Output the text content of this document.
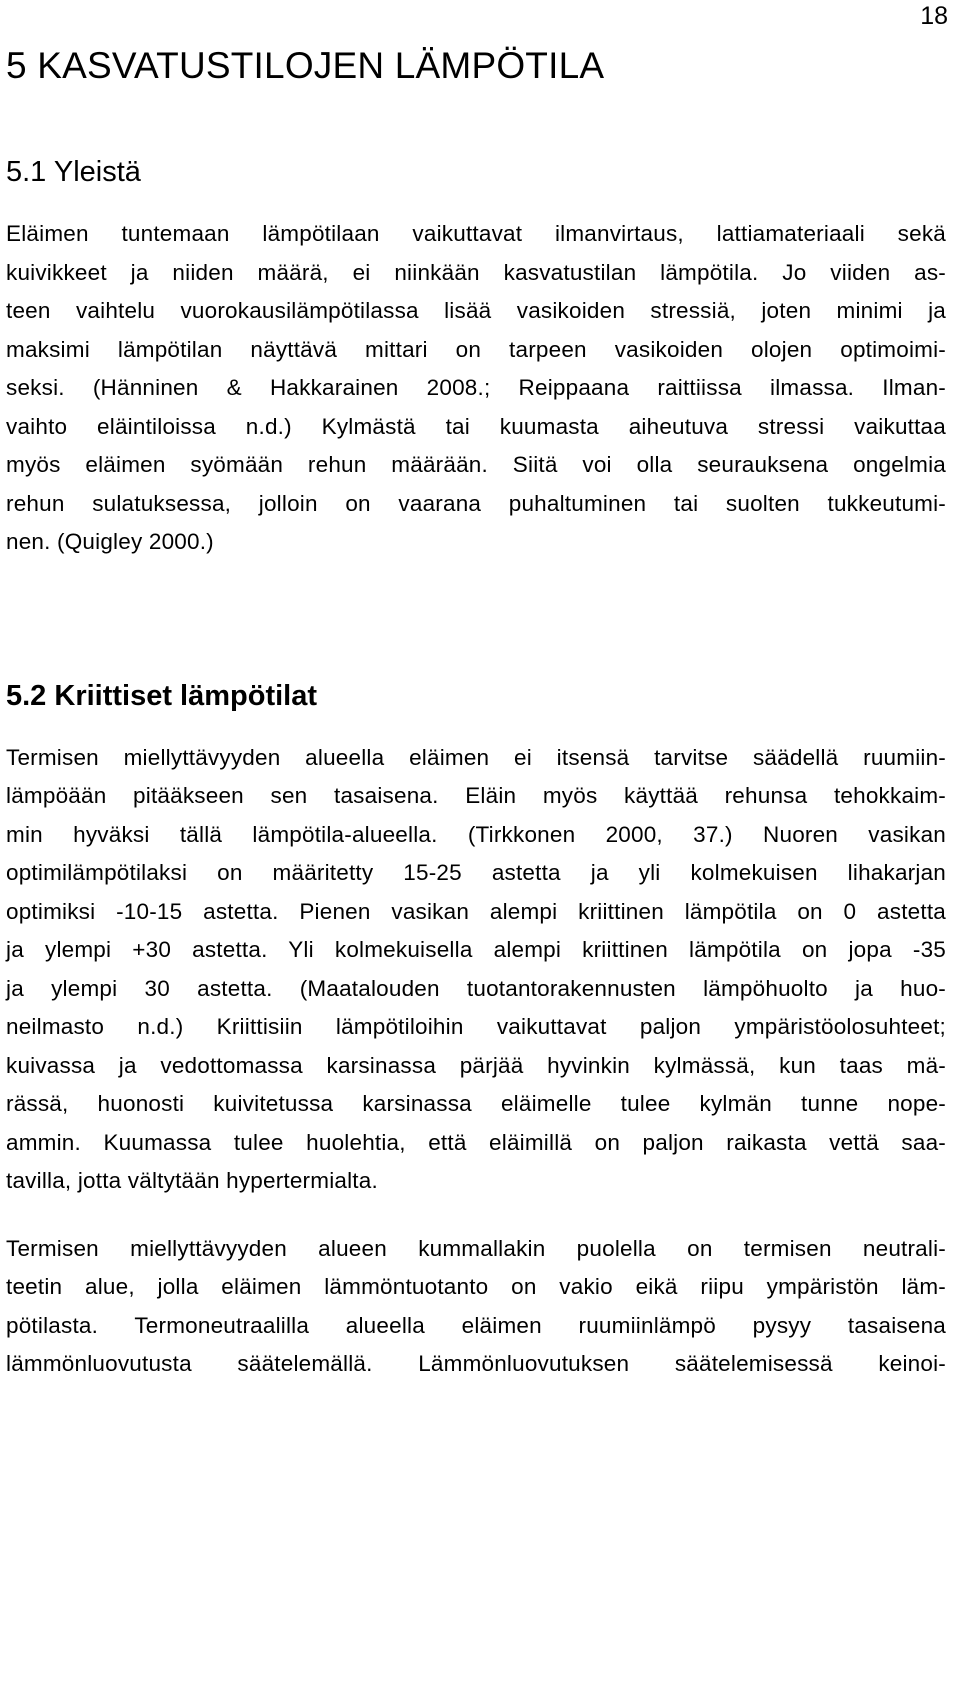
18
5 KASVATUSTILOJEN LÄMPÖTILA
5.1 Yleistä

Eläimen tuntemaan lämpötilaan vaikuttavat ilmanvirtaus, lattiamateriaali sekä
kuivikkeet ja niiden määrä, ei niinkään kasvatustilan lämpötila. Jo viiden as-
teen vaihtelu vuorokausilämpötilassa lisää vasikoiden stressiä, joten minimi ja
maksimi lämpötilan näyttävä mittari on tarpeen vasikoiden olojen optimoimi-
seksi. (Hänninen & Hakkarainen 2008.; Reippaana raittiissa ilmassa. Ilman-
vaihto eläintiloissa n.d.) Kylmästä tai kuumasta aiheutuva stressi vaikuttaa
myös eläimen syömään rehun määrään. Siitä voi olla seurauksena ongelmia
rehun sulatuksessa, jolloin on vaarana puhaltuminen tai suolten tukkeutumi-
nen. (Quigley 2000.)

5.2 Kriittiset lämpötilat

Termisen miellyttävyyden alueella eläimen ei itsensä tarvitse säädellä ruumiin-
lämpöään pitääkseen sen tasaisena. Eläin myös käyttää rehunsa tehokkaim-
min hyväksi tällä lämpötila-alueella. (Tirkkonen 2000, 37.) Nuoren vasikan
optimilämpötilaksi on määritetty 15-25 astetta ja yli kolmekuisen lihakarjan
optimiksi -10-15 astetta. Pienen vasikan alempi kriittinen lämpötila on 0 astetta
ja ylempi +30 astetta. Yli kolmekuisella alempi kriittinen lämpötila on jopa -35
ja ylempi 30 astetta. (Maatalouden tuotantorakennusten lämpöhuolto ja huo-
neilmasto n.d.) Kriittisiin lämpötiloihin vaikuttavat paljon ympäristöolosuhteet;
kuivassa ja vedottomassa karsinassa pärjää hyvinkin kylmässä, kun taas mä-
rässä, huonosti kuivitetussa karsinassa eläimelle tulee kylmän tunne nope-
ammin. Kuumassa tulee huolehtia, että eläimillä on paljon raikasta vettä saa-
tavilla, jotta vältytään hypertermialta.

Termisen miellyttävyyden alueen kummallakin puolella on termisen neutrali-
teetin alue, jolla eläimen lämmöntuotanto on vakio eikä riipu ympäristön läm-
pötilasta. Termoneutraalilla alueella eläimen ruumiinlämpö pysyy tasaisena
lämmönluovutusta säätelemällä. Lämmönluovutuksen säätelemisessä keinoi-
